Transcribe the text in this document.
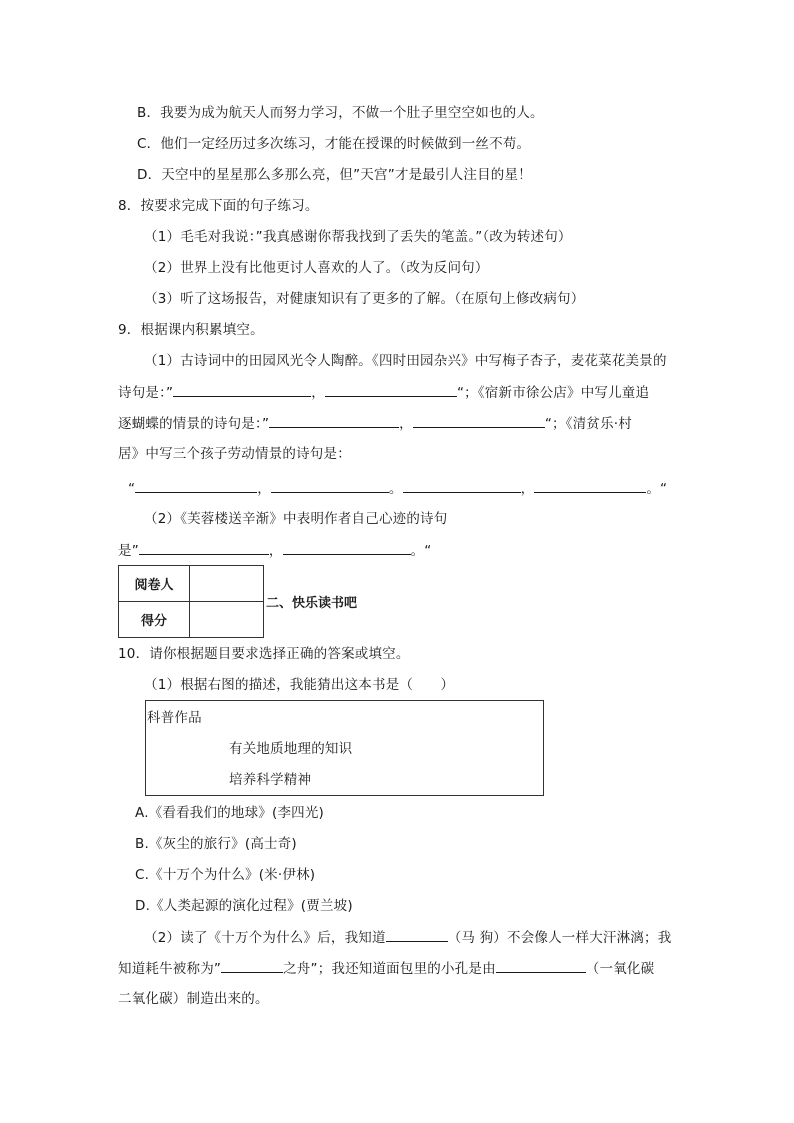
B．我要为成为航天人而努力学习，不做一个肚子里空空如也的人。
C．他们一定经历过多次练习，才能在授课的时候做到一丝不苟。
D．天空中的星星那么多那么亮，但”天宫”才是最引人注目的星！
8．按要求完成下面的句子练习。
（1）毛毛对我说：”我真感谢你帮我找到了丢失的笔盖。”（改为转述句）
（2）世界上没有比他更讨人喜欢的人了。（改为反问句）
（3）听了这场报告，对健康知识有了更多的了解。（在原句上修改病句）
9．根据课内积累填空。
（1）古诗词中的田园风光令人陶醉。《四时田园杂兴》中写梅子杏子，麦花菜花美景的
诗句是：”	，	“；《宿新市徐公店》中写儿童追
逐蝴蝶的情景的诗句是：”	，	“；《清贫乐·村
居》中写三个孩子劳动情景的诗句是：
“	，	。	，	。“
（2）《芙蓉楼送辛渐》中表明作者自己心迹的诗句
是”	，	。“
阅卷人	
得分	
二、快乐读书吧
10．请你根据题目要求选择正确的答案或填空。
（1）根据右图的描述，我能猜出这本书是（　　）
科普作品
有关地质地理的知识
培养科学精神
A.《看看我们的地球》(李四光)
B.《灰尘的旅行》(高士奇)
C.《十万个为什么》(米·伊林)
D.《人类起源的演化过程》(贾兰坡)
（2）读了《十万个为什么》后，我知道	（马 狗）不会像人一样大汗淋漓；我
知道耗牛被称为”	之舟”；我还知道面包里的小孔是由	（一氧化碳
二氧化碳）制造出来的。
